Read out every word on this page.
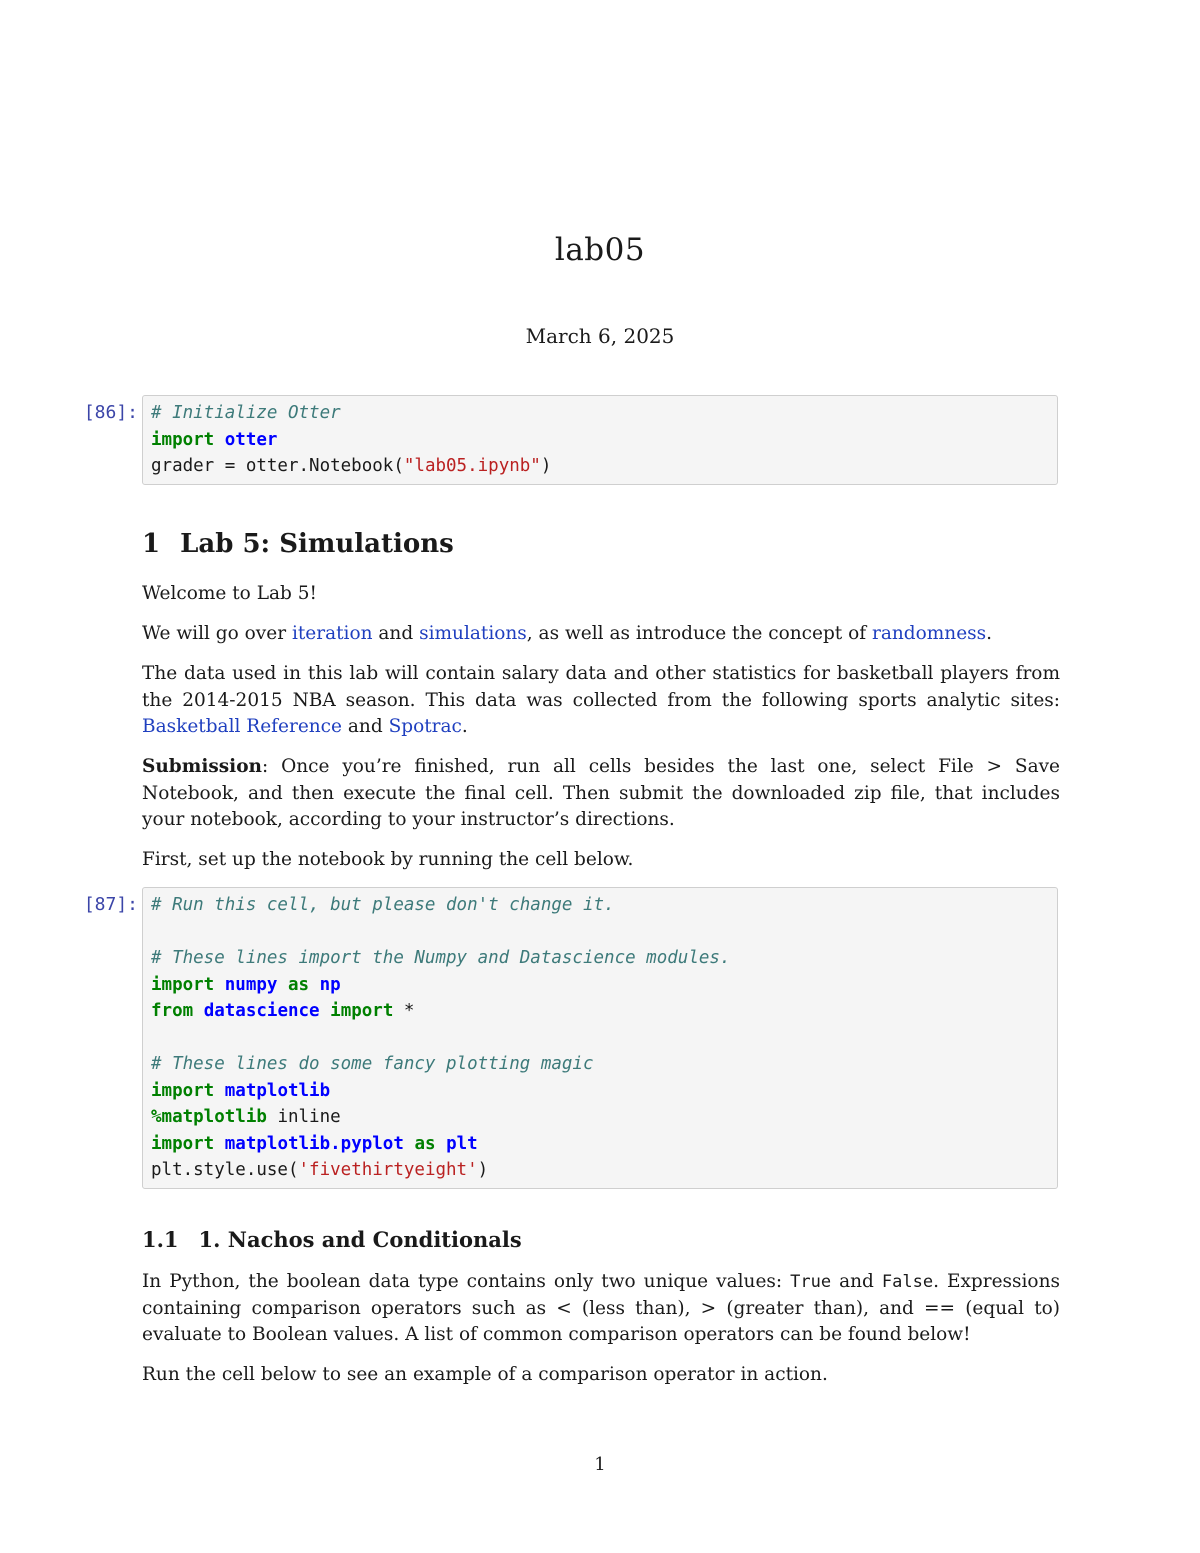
lab05
March 6, 2025
[86]: # Initialize Otter
import otter
grader = otter.Notebook("lab05.ipynb")
1 Lab 5: Simulations
Welcome to Lab 5!
We will go over iteration and simulations, as well as introduce the concept of randomness.
The data used in this lab will contain salary data and other statistics for basketball players from the 2014-2015 NBA season. This data was collected from the following sports analytic sites: Basketball Reference and Spotrac.
Submission: Once you’re finished, run all cells besides the last one, select File > Save Notebook, and then execute the final cell. Then submit the downloaded zip file, that includes your notebook, according to your instructor’s directions.
First, set up the notebook by running the cell below.
[87]: # Run this cell, but please don't change it.
# These lines import the Numpy and Datascience modules.
import numpy as np
from datascience import *
# These lines do some fancy plotting magic
import matplotlib
%matplotlib inline
import matplotlib.pyplot as plt
plt.style.use('fivethirtyeight')
1.1 1. Nachos and Conditionals
In Python, the boolean data type contains only two unique values: True and False. Expressions containing comparison operators such as < (less than), > (greater than), and == (equal to) evaluate to Boolean values. A list of common comparison operators can be found below!
Run the cell below to see an example of a comparison operator in action.
1
